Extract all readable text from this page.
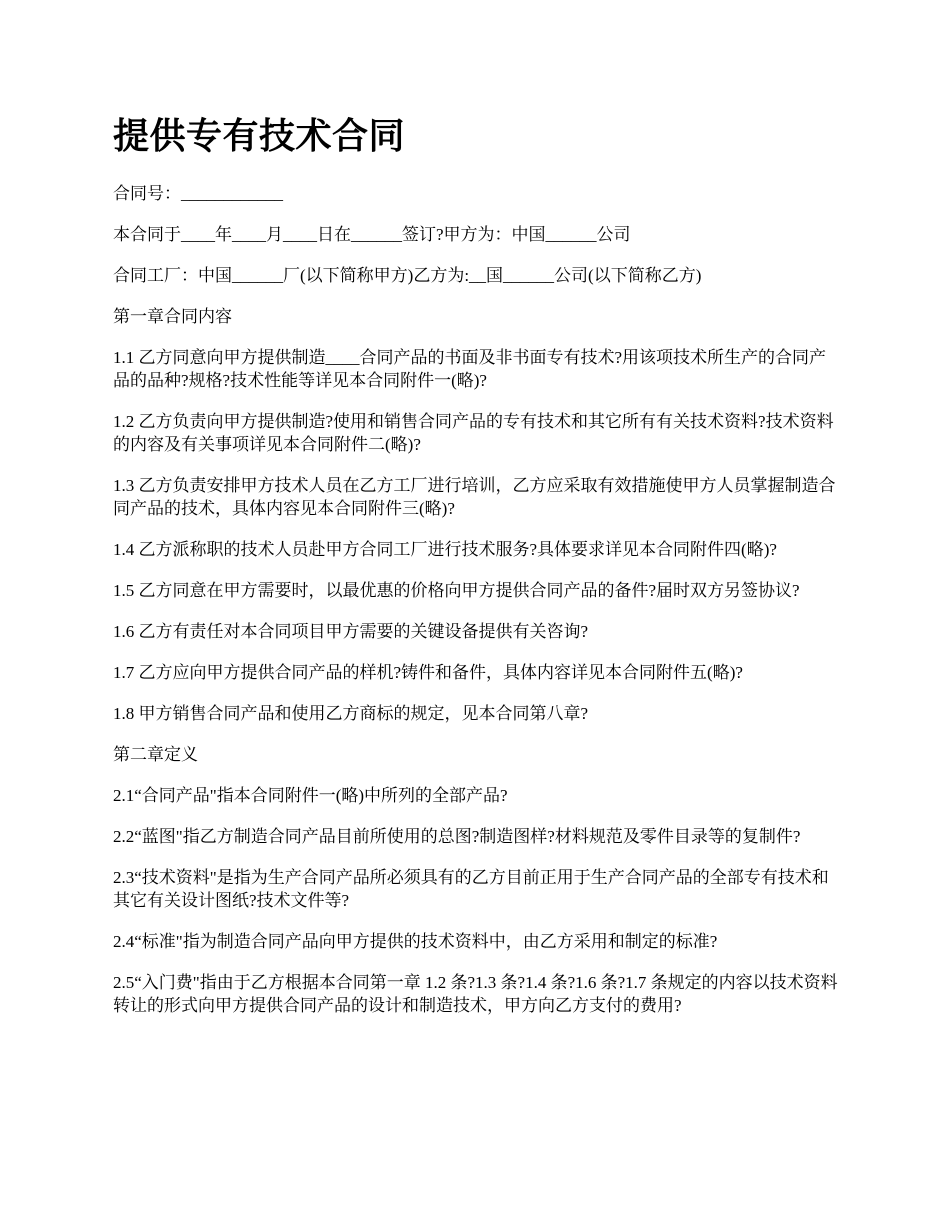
提供专有技术合同

合同号：____________

本合同于____年____月____日在______签订?甲方为：中国______公司

合同工厂：中国______厂(以下简称甲方)乙方为:__国______公司(以下简称乙方)

第一章合同内容

1.1 乙方同意向甲方提供制造____合同产品的书面及非书面专有技术?用该项技术所生产的合同产品的品种?规格?技术性能等详见本合同附件一(略)?

1.2 乙方负责向甲方提供制造?使用和销售合同产品的专有技术和其它所有有关技术资料?技术资料的内容及有关事项详见本合同附件二(略)?

1.3 乙方负责安排甲方技术人员在乙方工厂进行培训，乙方应采取有效措施使甲方人员掌握制造合同产品的技术，具体内容见本合同附件三(略)?

1.4 乙方派称职的技术人员赴甲方合同工厂进行技术服务?具体要求详见本合同附件四(略)?

1.5 乙方同意在甲方需要时，以最优惠的价格向甲方提供合同产品的备件?届时双方另签协议?

1.6 乙方有责任对本合同项目甲方需要的关键设备提供有关咨询?

1.7 乙方应向甲方提供合同产品的样机?铸件和备件，具体内容详见本合同附件五(略)?

1.8 甲方销售合同产品和使用乙方商标的规定，见本合同第八章?

第二章定义

2.1“合同产品"指本合同附件一(略)中所列的全部产品?

2.2“蓝图"指乙方制造合同产品目前所使用的总图?制造图样?材料规范及零件目录等的复制件?

2.3“技术资料"是指为生产合同产品所必须具有的乙方目前正用于生产合同产品的全部专有技术和其它有关设计图纸?技术文件等?

2.4“标准"指为制造合同产品向甲方提供的技术资料中，由乙方采用和制定的标准?

2.5“入门费"指由于乙方根据本合同第一章 1.2 条?1.3 条?1.4 条?1.6 条?1.7 条规定的内容以技术资料转让的形式向甲方提供合同产品的设计和制造技术，甲方向乙方支付的费用?
